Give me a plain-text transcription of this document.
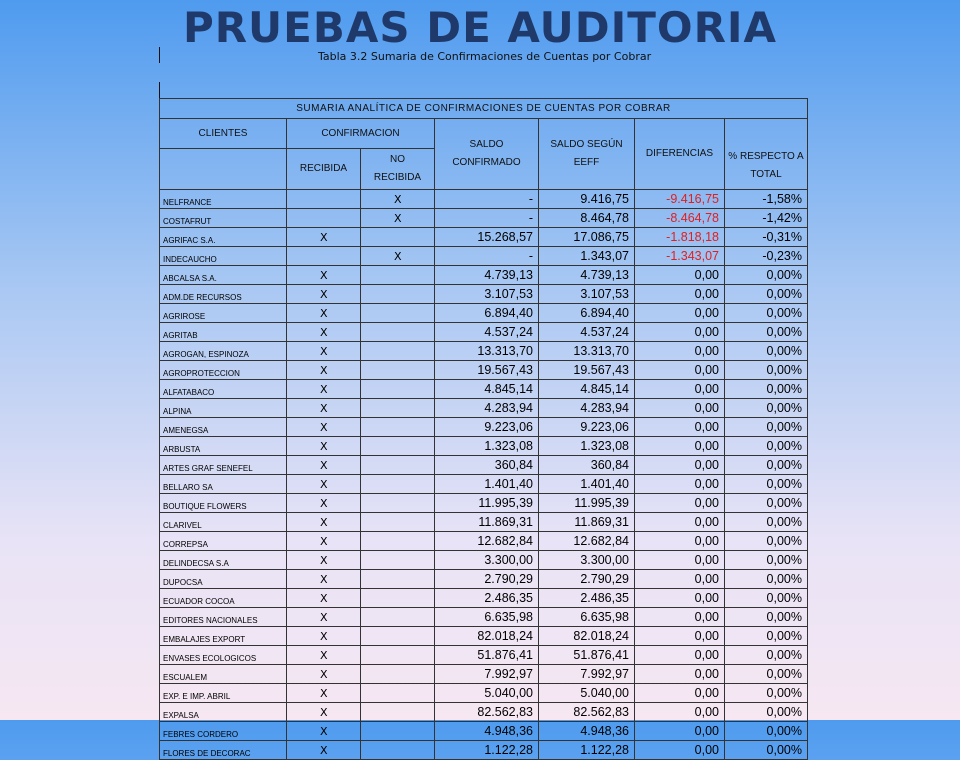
PRUEBAS DE AUDITORIA
Tabla 3.2 Sumaria de Confirmaciones de Cuentas por Cobrar
SUMARIA ANALÍTICA DE CONFIRMACIONES DE CUENTAS POR COBRAR						
CLIENTES	CONFIRMACION		SALDO CONFIRMADO	SALDO SEGÚN EEFF	DIFERENCIAS	% RESPECTO A TOTAL
	RECIBIDA	NO RECIBIDA				
NELFRANCE		X	-	9.416,75	-9.416,75	-1,58%
COSTAFRUT		X	-	8.464,78	-8.464,78	-1,42%
AGRIFAC S.A.	X		15.268,57	17.086,75	-1.818,18	-0,31%
INDECAUCHO		X	-	1.343,07	-1.343,07	-0,23%
ABCALSA S.A.	X		4.739,13	4.739,13	0,00	0,00%
ADM.DE RECURSOS	X		3.107,53	3.107,53	0,00	0,00%
AGRIROSE	X		6.894,40	6.894,40	0,00	0,00%
AGRITAB	X		4.537,24	4.537,24	0,00	0,00%
AGROGAN, ESPINOZA	X		13.313,70	13.313,70	0,00	0,00%
AGROPROTECCION	X		19.567,43	19.567,43	0,00	0,00%
ALFATABACO	X		4.845,14	4.845,14	0,00	0,00%
ALPINA	X		4.283,94	4.283,94	0,00	0,00%
AMENEGSA	X		9.223,06	9.223,06	0,00	0,00%
ARBUSTA	X		1.323,08	1.323,08	0,00	0,00%
ARTES GRAF SENEFEL	X		360,84	360,84	0,00	0,00%
BELLARO SA	X		1.401,40	1.401,40	0,00	0,00%
BOUTIQUE FLOWERS	X		11.995,39	11.995,39	0,00	0,00%
CLARIVEL	X		11.869,31	11.869,31	0,00	0,00%
CORREPSA	X		12.682,84	12.682,84	0,00	0,00%
DELINDECSA S.A	X		3.300,00	3.300,00	0,00	0,00%
DUPOCSA	X		2.790,29	2.790,29	0,00	0,00%
ECUADOR COCOA	X		2.486,35	2.486,35	0,00	0,00%
EDITORES NACIONALES	X		6.635,98	6.635,98	0,00	0,00%
EMBALAJES EXPORT	X		82.018,24	82.018,24	0,00	0,00%
ENVASES ECOLOGICOS	X		51.876,41	51.876,41	0,00	0,00%
ESCUALEM	X		7.992,97	7.992,97	0,00	0,00%
EXP. E IMP. ABRIL	X		5.040,00	5.040,00	0,00	0,00%
EXPALSA	X		82.562,83	82.562,83	0,00	0,00%
FEBRES CORDERO	X		4.948,36	4.948,36	0,00	0,00%
FLORES DE DECORAC	X		1.122,28	1.122,28	0,00	0,00%
